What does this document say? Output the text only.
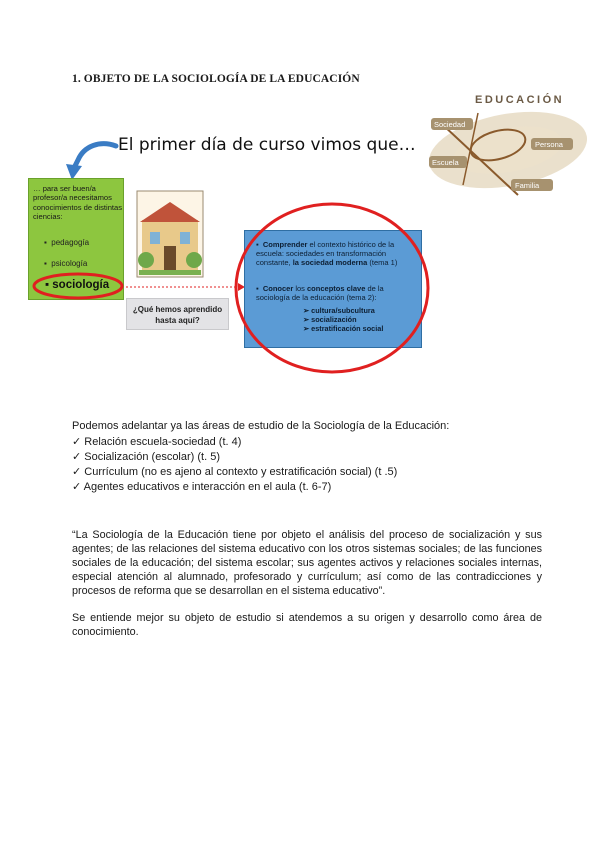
1. OBJETO DE LA SOCIOLOGÍA DE LA EDUCACIÓN
El primer día de curso vimos que…
… para ser buen/a profesor/a necesitamos conocimientos de distintas ciencias:
▪  pedagogía
▪  psicología
▪ sociología
¿Qué hemos aprendido hasta aquí?
▪  Comprender el contexto histórico de la escuela: sociedades en transformación constante, la sociedad moderna (tema 1)
▪  Conocer los conceptos clave de la sociología de la educación (tema 2):
➢ cultura/subcultura
➢ socialización
➢ estratificación social
EDUCACIÓN
Sociedad
Persona
Escuela
Familia
Podemos adelantar ya las áreas de estudio de la Sociología de la Educación:
✓ Relación escuela-sociedad (t. 4)
✓ Socialización (escolar) (t. 5)
✓ Currículum (no es ajeno al contexto y estratificación social) (t .5)
✓ Agentes educativos e interacción en el aula (t. 6-7)
“La Sociología de la Educación tiene por objeto el análisis del proceso de socialización y sus agentes; de las relaciones del sistema educativo con los otros sistemas sociales; de las funciones sociales de la educación; del sistema escolar; sus agentes activos y relaciones sociales internas, especial atención al alumnado, profesorado y currículum; así como de las contradicciones y procesos de reforma que se desarrollan en el sistema educativo”.
Se entiende mejor su objeto de estudio si atendemos a su origen y desarrollo como área de conocimiento.
